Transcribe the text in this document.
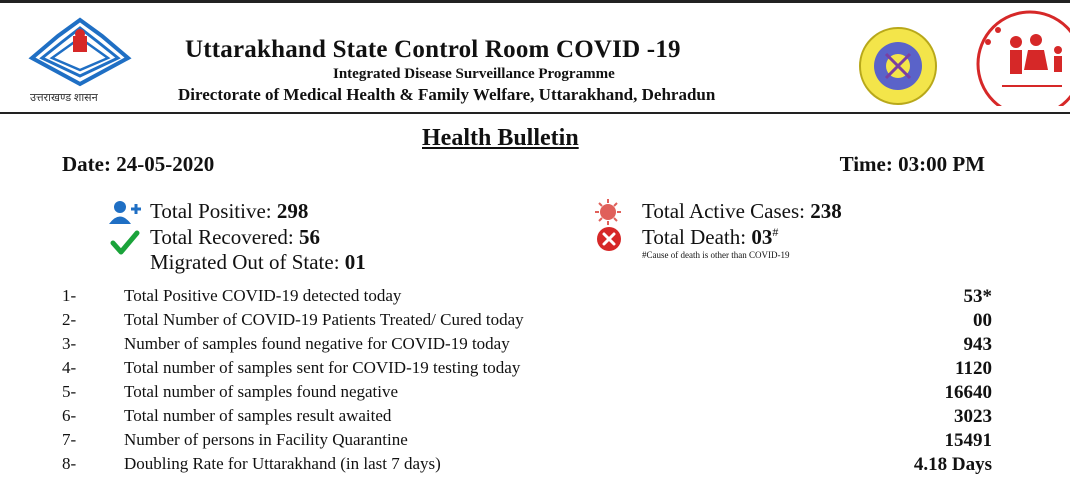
उत्तराखण्ड शासन
Uttarakhand State Control Room COVID -19
Integrated Disease Surveillance Programme
Directorate of Medical Health & Family Welfare, Uttarakhand, Dehradun
Health Bulletin
Date: 24-05-2020	Time: 03:00 PM
Total Positive: 298
Total Recovered: 56
Migrated Out of State: 01
Total Active Cases: 238
Total Death: 03#
#Cause of death is other than COVID-19
1-	Total Positive COVID-19 detected today	53*
2-	Total Number of COVID-19 Patients Treated/ Cured today	00
3-	Number of samples found negative for COVID-19 today	943
4-	Total number of samples sent for COVID-19 testing today	1120
5-	Total number of samples found negative	16640
6-	Total number of samples result awaited	3023
7-	Number of persons in Facility Quarantine	15491
8-	Doubling Rate for Uttarakhand (in last 7 days)	4.18 Days
